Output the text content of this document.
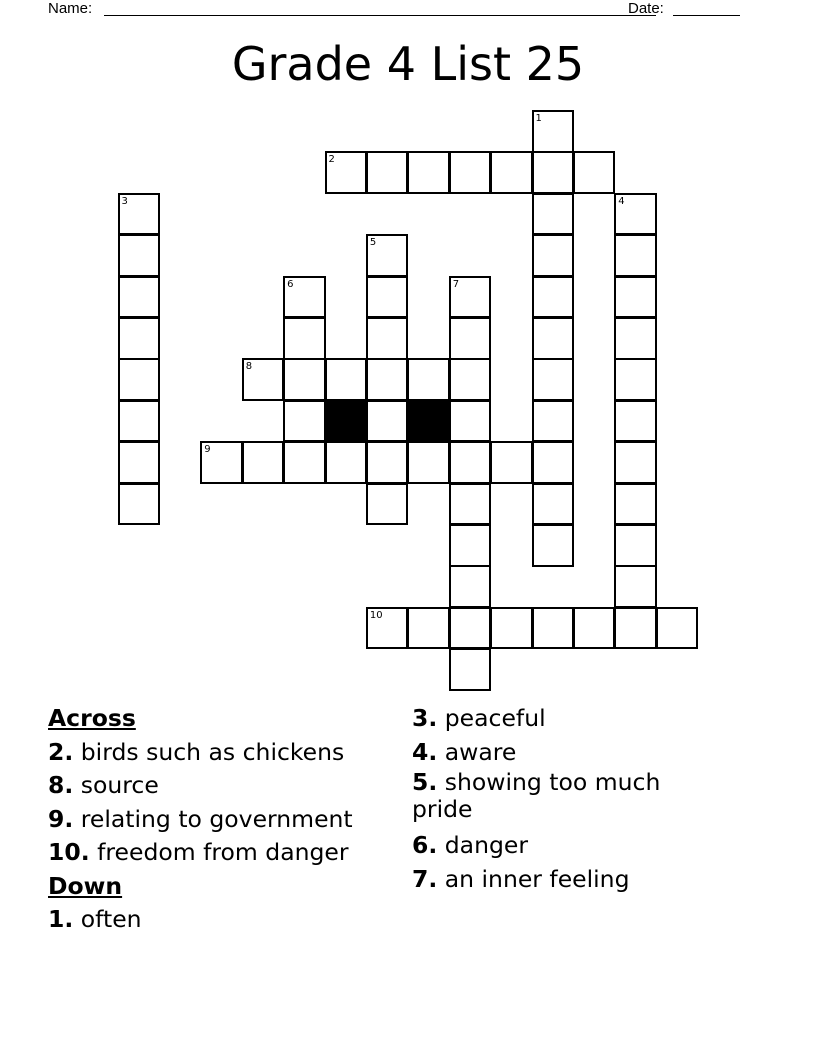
Name:	Date:
Grade 4 List 25
1
2
3	4
5
6	7
8
9
10
Across
2. birds such as chickens
8. source
9. relating to government
10. freedom from danger
Down
1. often
3. peaceful
4. aware
5. showing too much pride
6. danger
7. an inner feeling
